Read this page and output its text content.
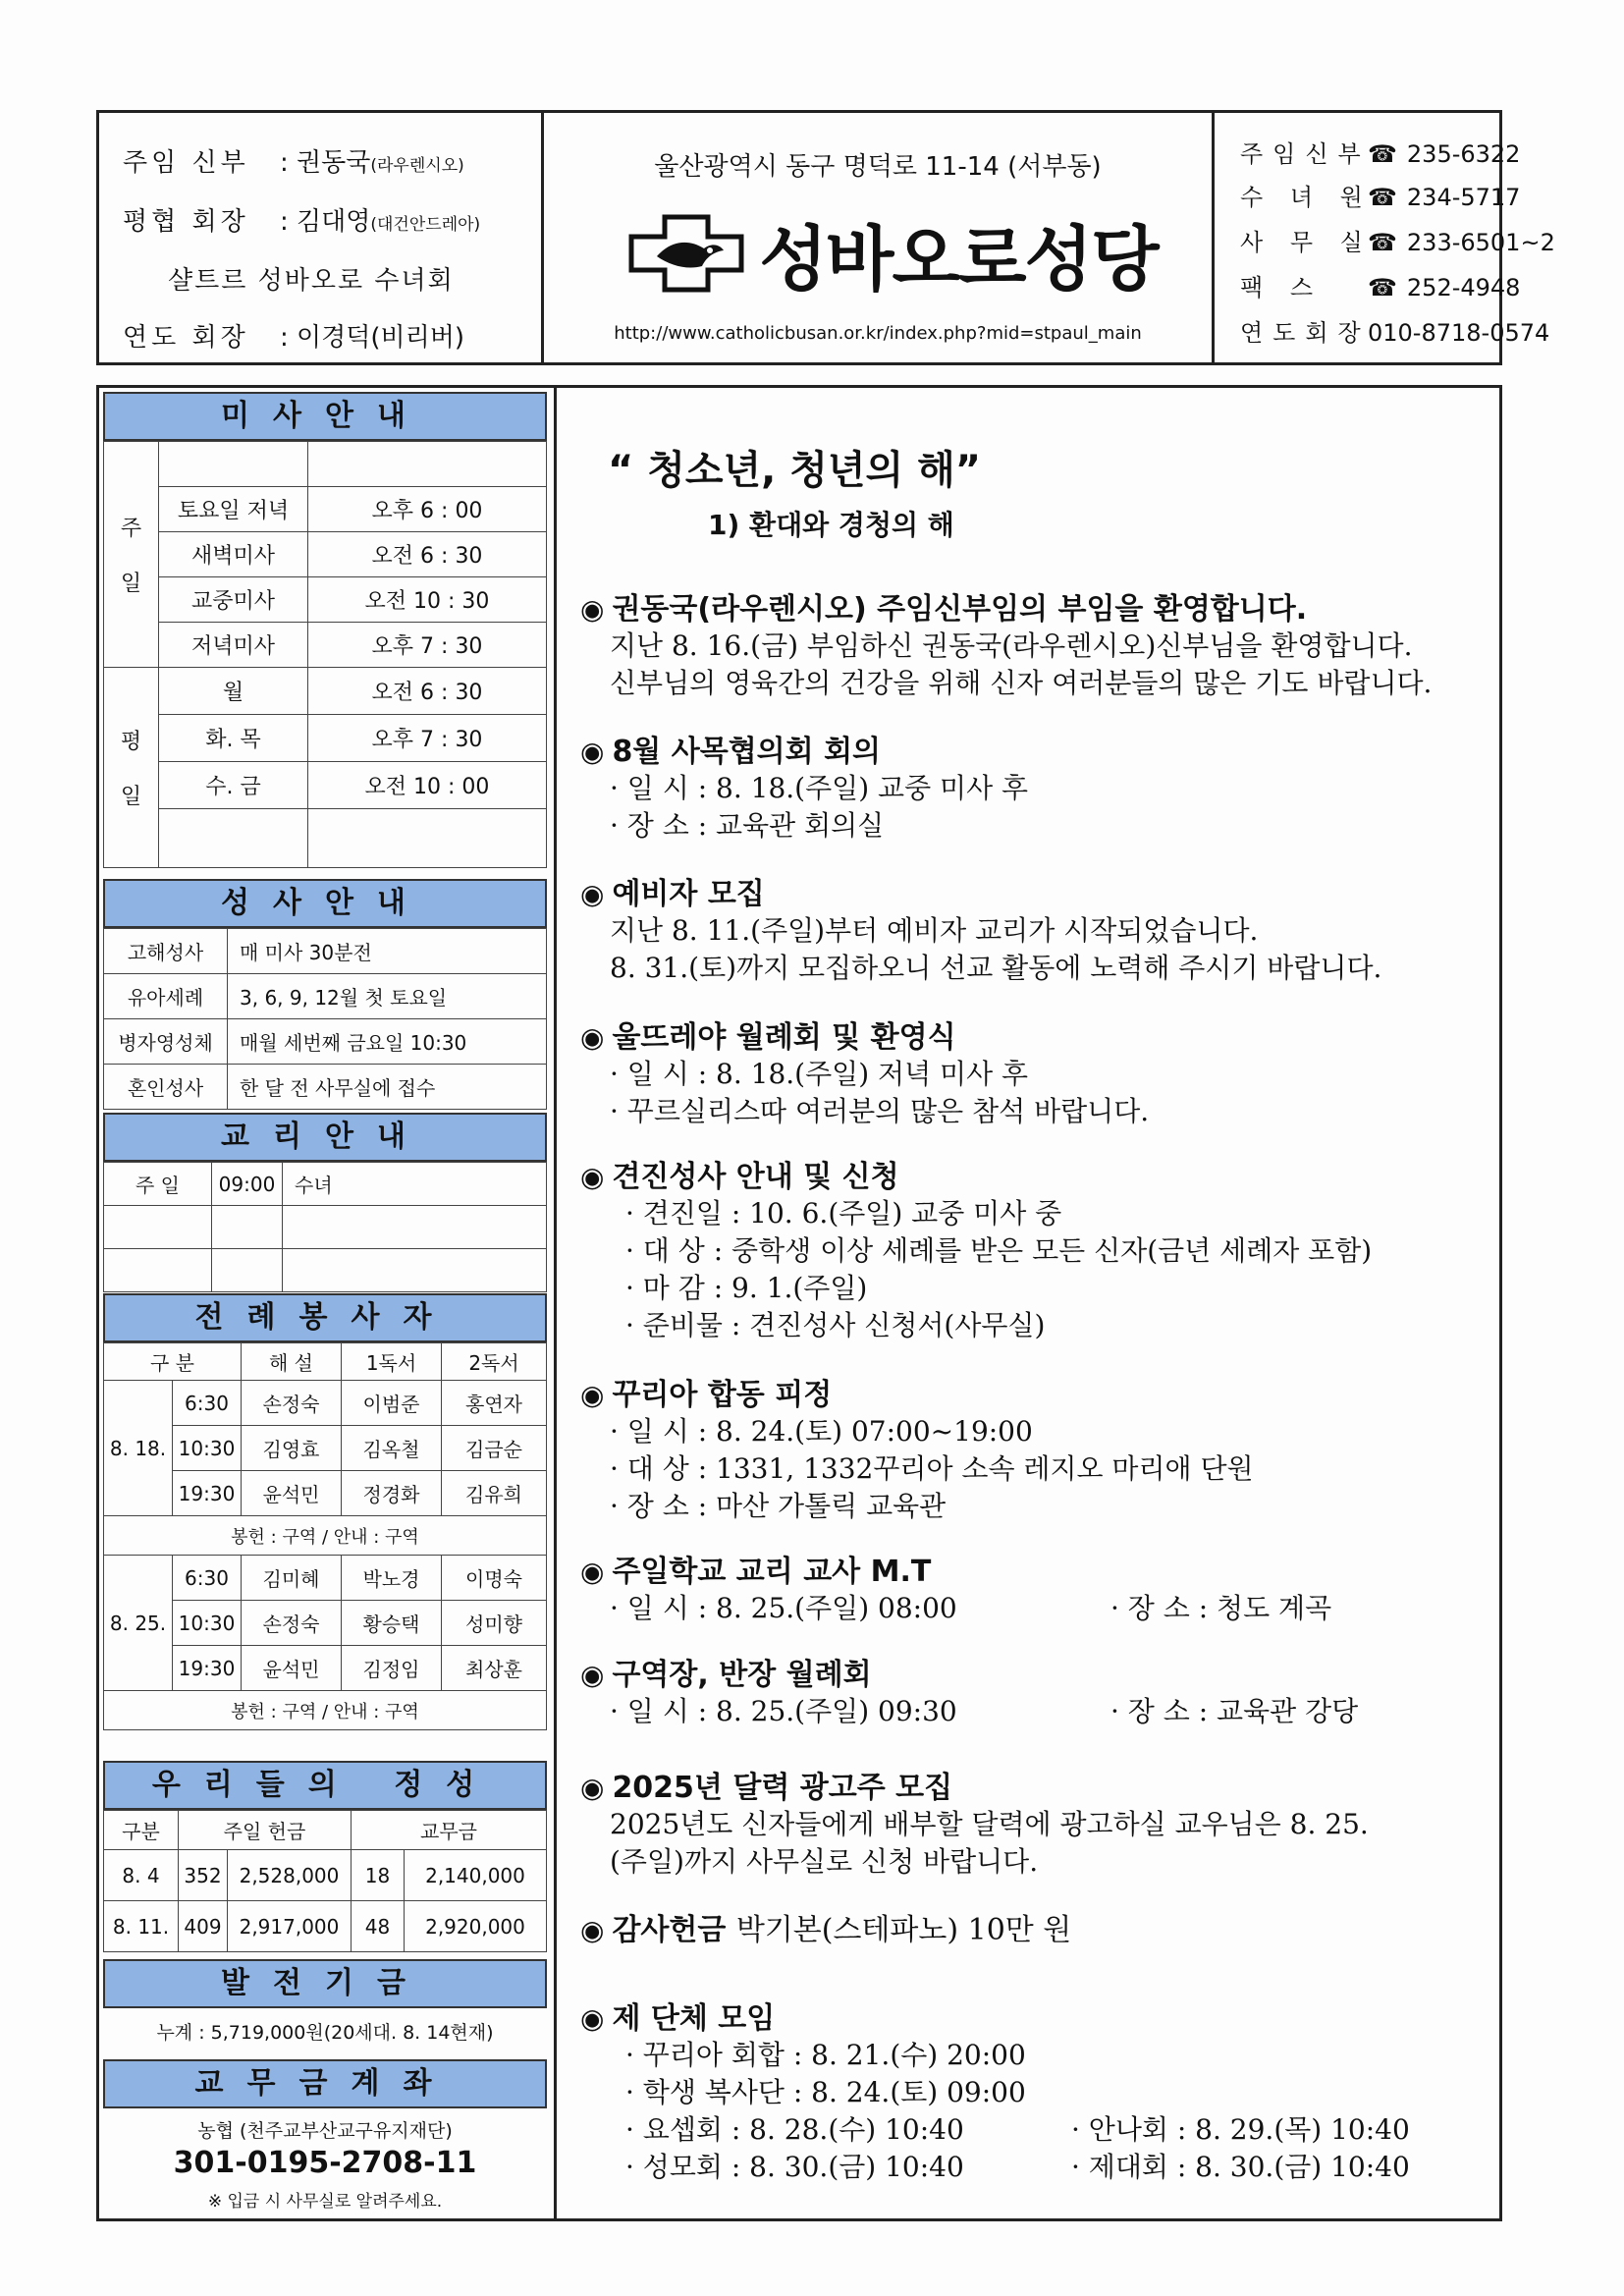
주임 신부 : 권동국(라우렌시오)
평협 회장 : 김대영(대건안드레아)
샬트르 성바오로 수녀회
연도 회장 : 이경덕(비리버)
울산광역시 동구 명덕로 11-14 (서부동)
성바오로성당
http://www.catholicbusan.or.kr/index.php?mid=stpaul_main
주임신부☎ 235-6322
수 녀 원☎ 234-5717
사 무 실☎ 233-6501~2
팩 스 ☎ 252-4948
연도회장010-8718-0574
미사안내
주

일		
	토요일 저녁	오후 6 : 00
	새벽미사	오전 6 : 30
	교중미사	오전 10 : 30
	저녁미사	오후 7 : 30
평

일	월	오전 6 : 30
	화. 목	오후 7 : 30
	수. 금	오전 10 : 00

성사안내
고해성사	매 미사 30분전
유아세례	3, 6, 9, 12월 첫 토요일
병자영성체	매월 세번째 금요일 10:30
혼인성사	한 달 전 사무실에 접수
교리안내
주 일	09:00	수녀

전례봉사자
구 분		해 설	1독서	2독서
8. 18.	6:30	손정숙	이범준	홍연자
	10:30	김영효	김옥철	김금순
	19:30	윤석민	정경화	김유희
봉헌 : 구역 / 안내 : 구역				
8. 25.	6:30	김미혜	박노경	이명숙
	10:30	손정숙	황승택	성미향
	19:30	윤석민	김정임	최상훈
봉헌 : 구역 / 안내 : 구역				
우리들의 정성
구분	주일 헌금		교무금	
8. 4	352	2,528,000	18	2,140,000
8. 11.	409	2,917,000	48	2,920,000
발전기금
누계 : 5,719,000원(20세대. 8. 14현재)
교무금계좌
농협 (천주교부산교구유지재단)
301-0195-2708-11
※ 입금 시 사무실로 알려주세요.
“ 청소년, 청년의 해”
1) 환대와 경청의 해
◉ 권동국(라우렌시오) 주임신부임의 부임을 환영합니다.
지난 8. 16.(금) 부임하신 권동국(라우렌시오)신부님을 환영합니다.
신부님의 영육간의 건강을 위해 신자 여러분들의 많은 기도 바랍니다.
◉ 8월 사목협의회 회의
· 일 시 : 8. 18.(주일) 교중 미사 후
· 장 소 : 교육관 회의실
◉ 예비자 모집
지난 8. 11.(주일)부터 예비자 교리가 시작되었습니다.
8. 31.(토)까지 모집하오니 선교 활동에 노력해 주시기 바랍니다.
◉ 울뜨레야 월례회 및 환영식
· 일 시 : 8. 18.(주일) 저녁 미사 후
· 꾸르실리스따 여러분의 많은 참석 바랍니다.
◉ 견진성사 안내 및 신청
· 견진일 : 10. 6.(주일) 교중 미사 중
· 대 상 : 중학생 이상 세례를 받은 모든 신자(금년 세례자 포함)
· 마 감 : 9. 1.(주일)
· 준비물 : 견진성사 신청서(사무실)
◉ 꾸리아 합동 피정
· 일 시 : 8. 24.(토) 07:00~19:00
· 대 상 : 1331, 1332꾸리아 소속 레지오 마리애 단원
· 장 소 : 마산 가톨릭 교육관
◉ 주일학교 교리 교사 M.T
· 일 시 : 8. 25.(주일) 08:00	· 장 소 : 청도 계곡
◉ 구역장, 반장 월례회
· 일 시 : 8. 25.(주일) 09:30	· 장 소 : 교육관 강당
◉ 2025년 달력 광고주 모집
2025년도 신자들에게 배부할 달력에 광고하실 교우님은 8. 25.
(주일)까지 사무실로 신청 바랍니다.
◉ 감사헌금 박기본(스테파노) 10만 원
◉ 제 단체 모임
· 꾸리아 회합 : 8. 21.(수) 20:00
· 학생 복사단 : 8. 24.(토) 09:00
· 요셉회 : 8. 28.(수) 10:40	· 안나회 : 8. 29.(목) 10:40
· 성모회 : 8. 30.(금) 10:40	· 제대회 : 8. 30.(금) 10:40
